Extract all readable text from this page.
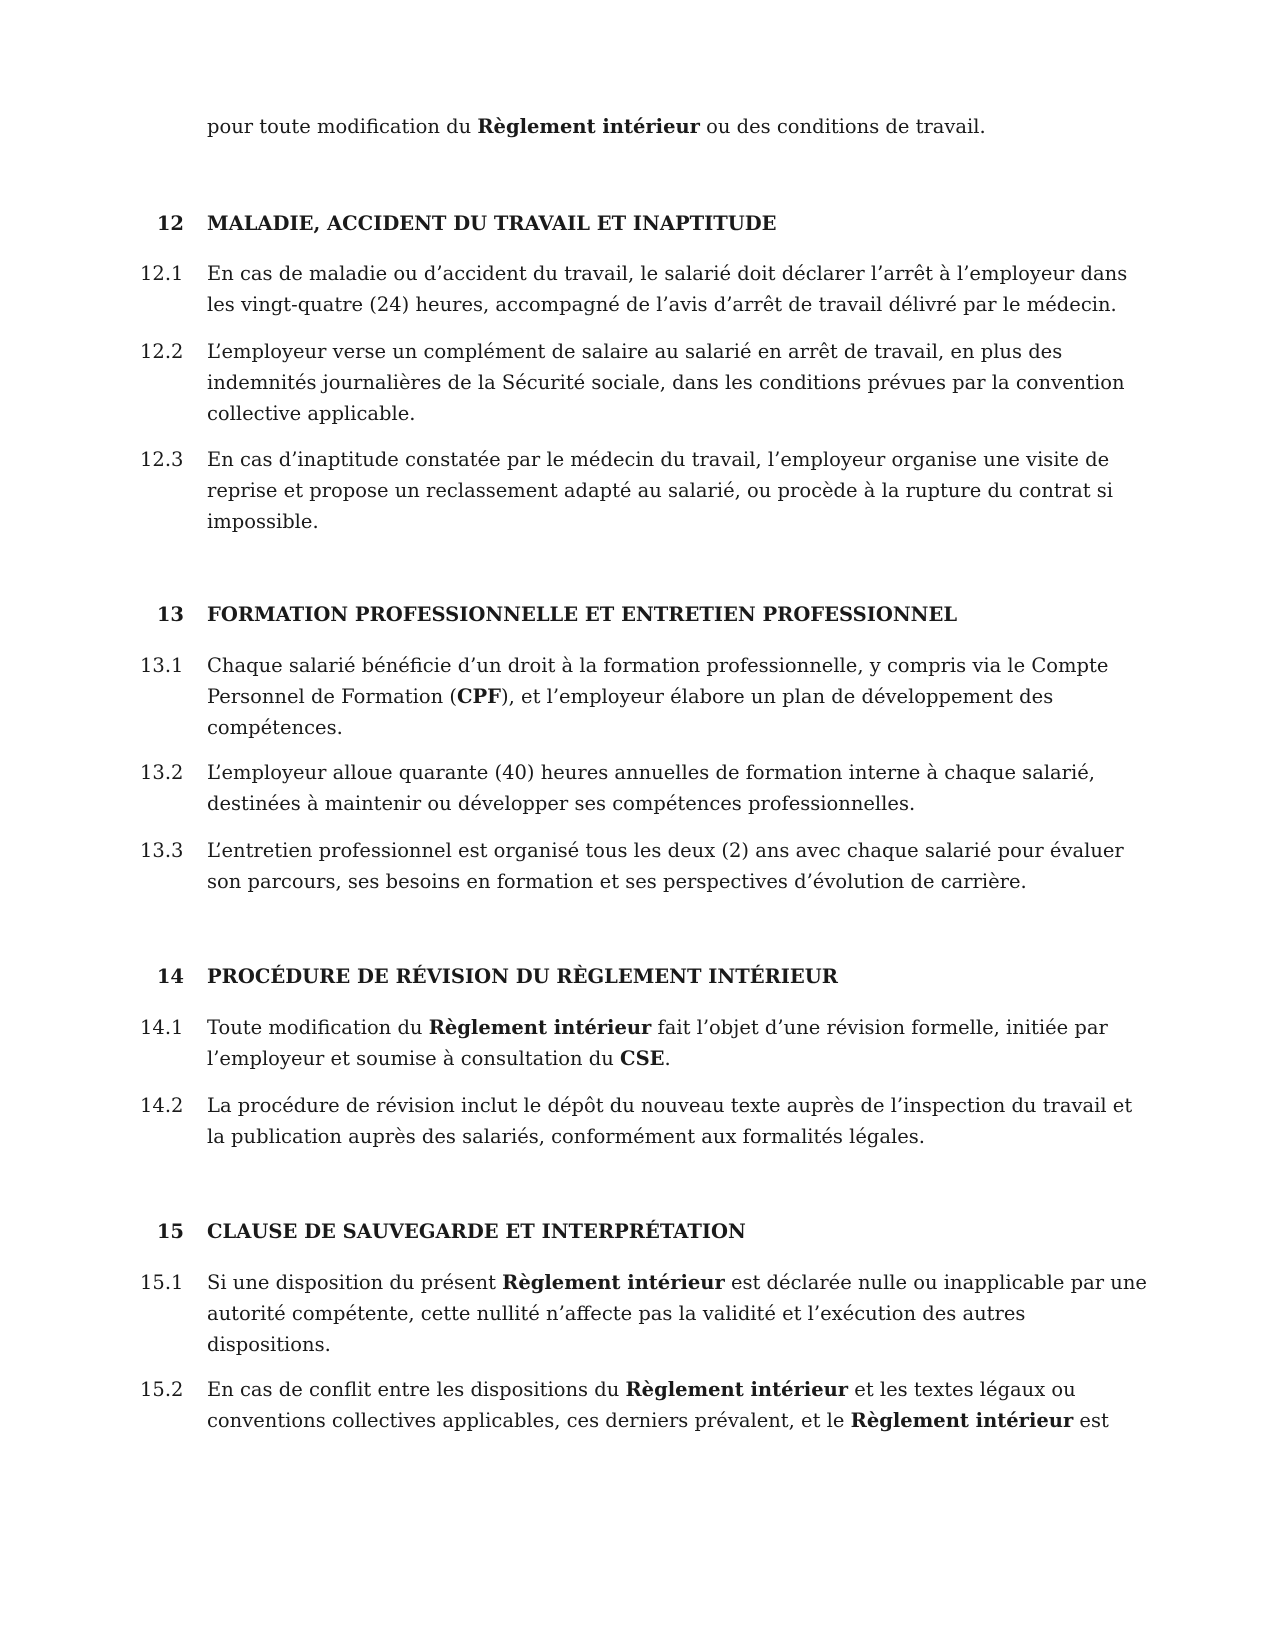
pour toute modification du Règlement intérieur ou des conditions de travail.
12 MALADIE, ACCIDENT DU TRAVAIL ET INAPTITUDE
12.1	En cas de maladie ou d’accident du travail, le salarié doit déclarer l’arrêt à l’employeur dans
les vingt-quatre (24) heures, accompagné de l’avis d’arrêt de travail délivré par le médecin.
12.2	L’employeur verse un complément de salaire au salarié en arrêt de travail, en plus des
indemnités journalières de la Sécurité sociale, dans les conditions prévues par la convention
collective applicable.
12.3	En cas d’inaptitude constatée par le médecin du travail, l’employeur organise une visite de
reprise et propose un reclassement adapté au salarié, ou procède à la rupture du contrat si
impossible.
13 FORMATION PROFESSIONNELLE ET ENTRETIEN PROFESSIONNEL
13.1	Chaque salarié bénéficie d’un droit à la formation professionnelle, y compris via le Compte
Personnel de Formation (CPF), et l’employeur élabore un plan de développement des
compétences.
13.2	L’employeur alloue quarante (40) heures annuelles de formation interne à chaque salarié,
destinées à maintenir ou développer ses compétences professionnelles.
13.3	L’entretien professionnel est organisé tous les deux (2) ans avec chaque salarié pour évaluer
son parcours, ses besoins en formation et ses perspectives d’évolution de carrière.
14 PROCÉDURE DE RÉVISION DU RÈGLEMENT INTÉRIEUR
14.1	Toute modification du Règlement intérieur fait l’objet d’une révision formelle, initiée par
l’employeur et soumise à consultation du CSE.
14.2	La procédure de révision inclut le dépôt du nouveau texte auprès de l’inspection du travail et
la publication auprès des salariés, conformément aux formalités légales.
15 CLAUSE DE SAUVEGARDE ET INTERPRÉTATION
15.1	Si une disposition du présent Règlement intérieur est déclarée nulle ou inapplicable par une
autorité compétente, cette nullité n’affecte pas la validité et l’exécution des autres
dispositions.
15.2	En cas de conflit entre les dispositions du Règlement intérieur et les textes légaux ou
conventions collectives applicables, ces derniers prévalent, et le Règlement intérieur est
